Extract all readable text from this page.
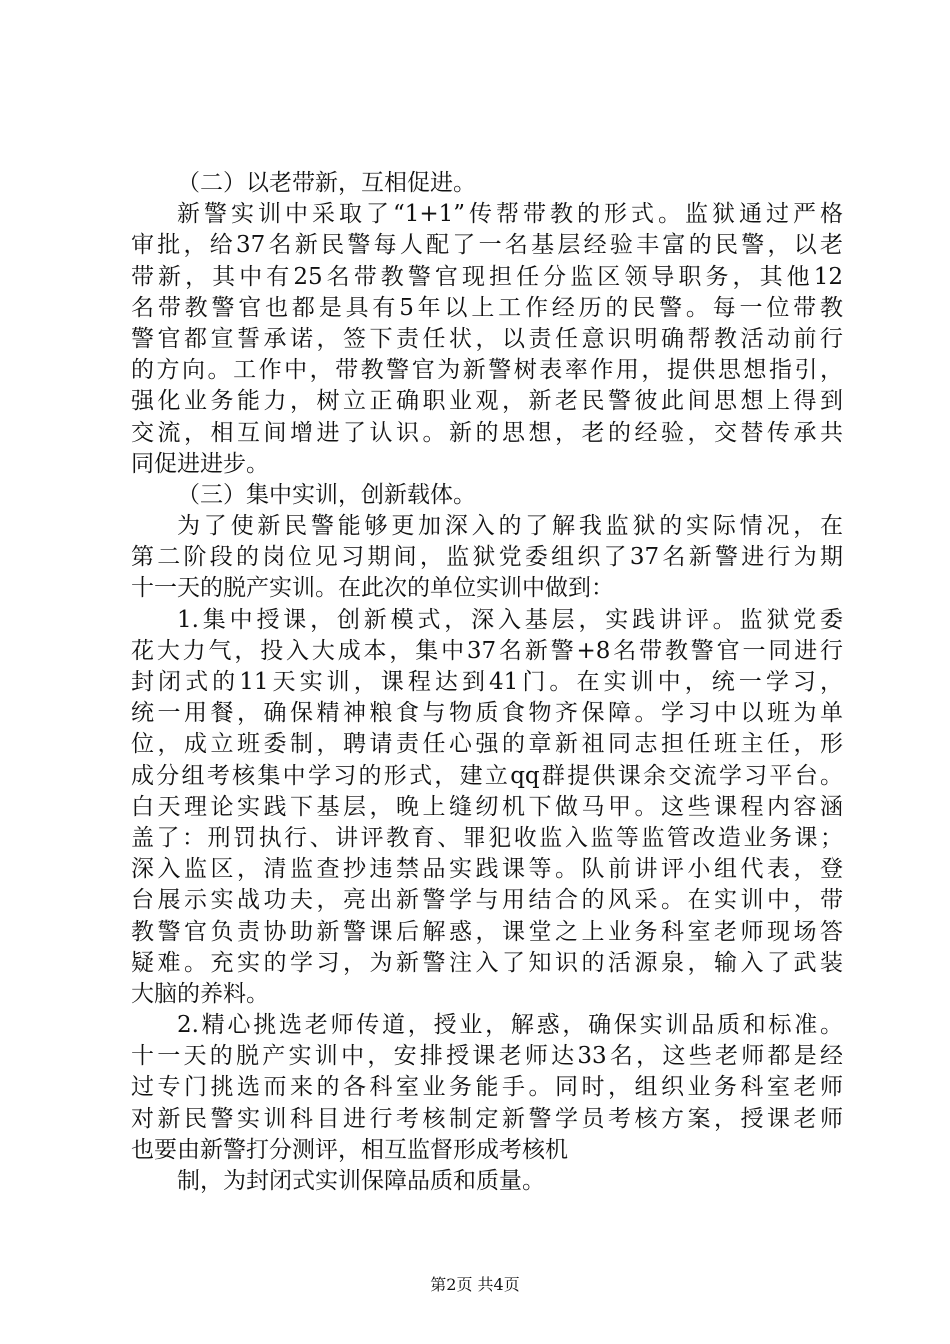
（二）以老带新，互相促进。
新警实训中采取了“1+1”传帮带教的形式。监狱通过严格
审批，给37名新民警每人配了一名基层经验丰富的民警，以老
带新，其中有25名带教警官现担任分监区领导职务，其他12
名带教警官也都是具有5年以上工作经历的民警。每一位带教
警官都宣誓承诺，签下责任状，以责任意识明确帮教活动前行
的方向。工作中，带教警官为新警树表率作用，提供思想指引，
强化业务能力，树立正确职业观，新老民警彼此间思想上得到
交流，相互间增进了认识。新的思想，老的经验，交替传承共
同促进进步。
（三）集中实训，创新载体。
为了使新民警能够更加深入的了解我监狱的实际情况，在
第二阶段的岗位见习期间，监狱党委组织了37名新警进行为期
十一天的脱产实训。在此次的单位实训中做到：
1.集中授课，创新模式，深入基层，实践讲评。监狱党委
花大力气，投入大成本，集中37名新警+8名带教警官一同进行
封闭式的11天实训，课程达到41门。在实训中，统一学习，
统一用餐，确保精神粮食与物质食物齐保障。学习中以班为单
位，成立班委制，聘请责任心强的章新祖同志担任班主任，形
成分组考核集中学习的形式，建立qq群提供课余交流学习平台。
白天理论实践下基层，晚上缝纫机下做马甲。这些课程内容涵
盖了：刑罚执行、讲评教育、罪犯收监入监等监管改造业务课；
深入监区，清监查抄违禁品实践课等。队前讲评小组代表，登
台展示实战功夫，亮出新警学与用结合的风采。在实训中，带
教警官负责协助新警课后解惑，课堂之上业务科室老师现场答
疑难。充实的学习，为新警注入了知识的活源泉，输入了武装
大脑的养料。
2.精心挑选老师传道，授业，解惑，确保实训品质和标准。
十一天的脱产实训中，安排授课老师达33名，这些老师都是经
过专门挑选而来的各科室业务能手。同时，组织业务科室老师
对新民警实训科目进行考核制定新警学员考核方案，授课老师
也要由新警打分测评，相互监督形成考核机
制，为封闭式实训保障品质和质量。
第2页 共4页
